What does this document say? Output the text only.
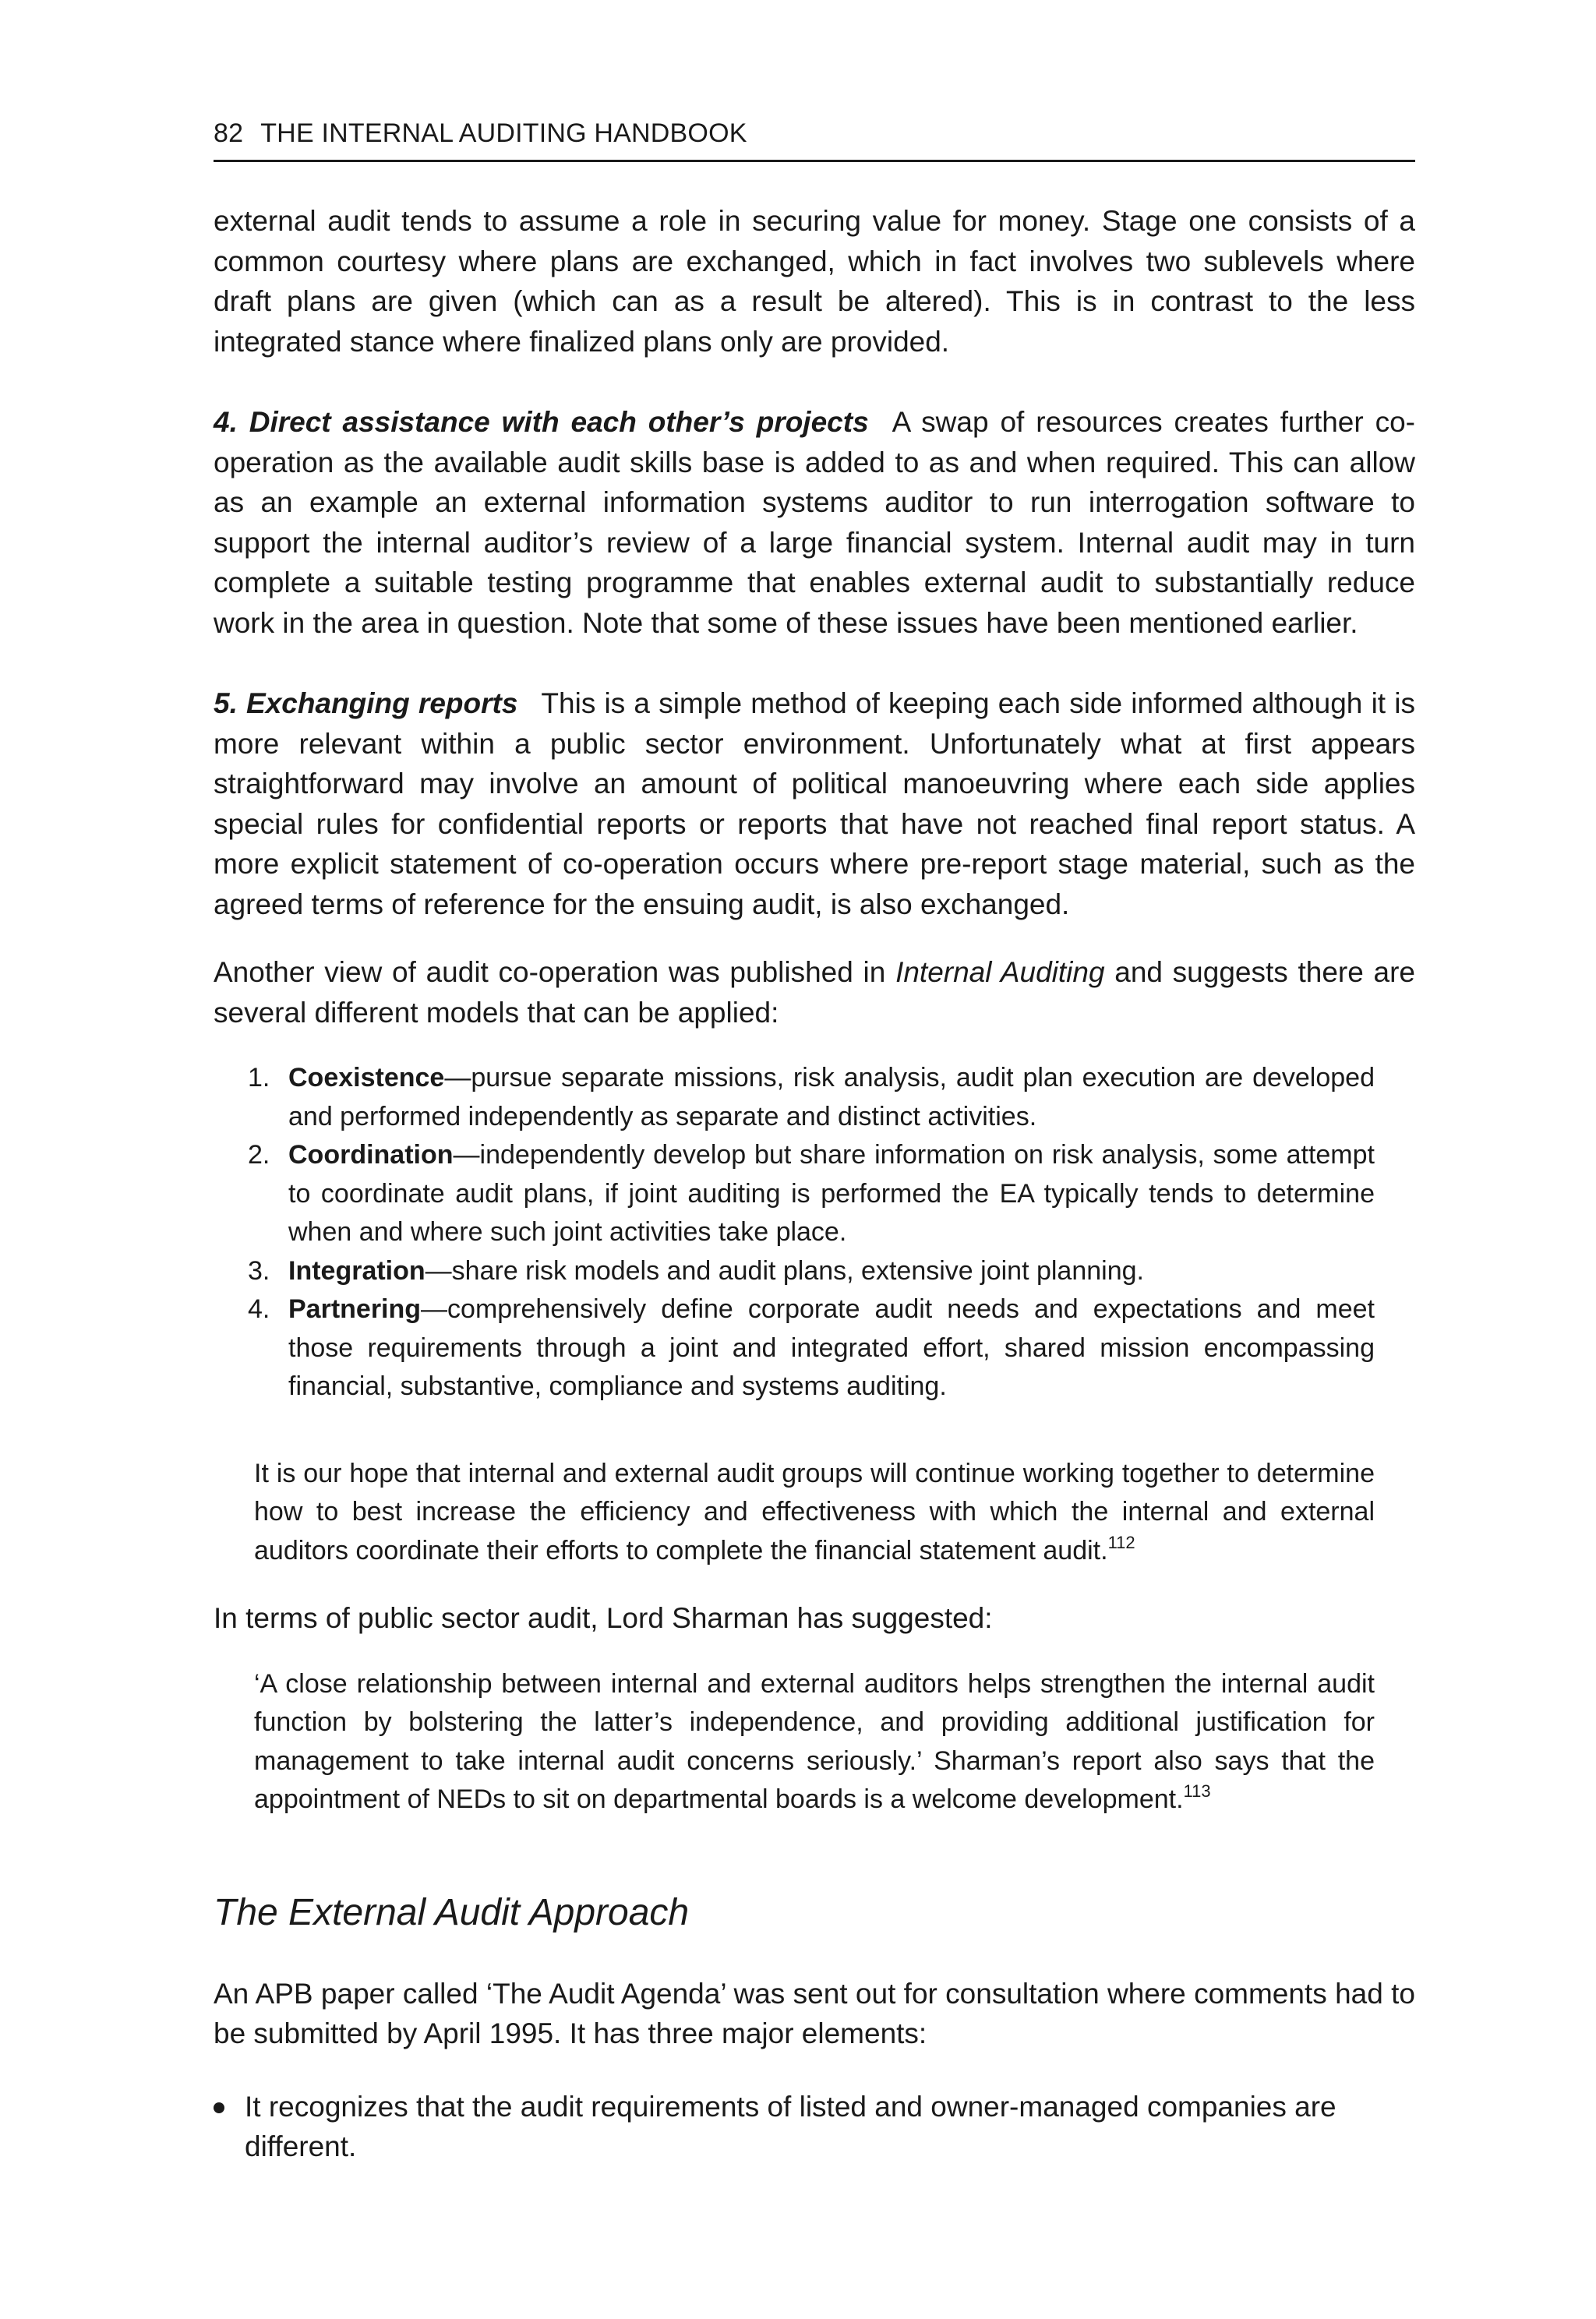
82 THE INTERNAL AUDITING HANDBOOK

external audit tends to assume a role in securing value for money. Stage one consists of a common courtesy where plans are exchanged, which in fact involves two sublevels where draft plans are given (which can as a result be altered). This is in contrast to the less integrated stance where finalized plans only are provided.

4. Direct assistance with each other’s projects A swap of resources creates further co-operation as the available audit skills base is added to as and when required. This can allow as an example an external information systems auditor to run interrogation software to support the internal auditor’s review of a large financial system. Internal audit may in turn complete a suitable testing programme that enables external audit to substantially reduce work in the area in question. Note that some of these issues have been mentioned earlier.

5. Exchanging reports This is a simple method of keeping each side informed although it is more relevant within a public sector environment. Unfortunately what at first appears straightforward may involve an amount of political manoeuvring where each side applies special rules for confidential reports or reports that have not reached final report status. A more explicit statement of co-operation occurs where pre-report stage material, such as the agreed terms of reference for the ensuing audit, is also exchanged.

Another view of audit co-operation was published in Internal Auditing and suggests there are several different models that can be applied:

1. Coexistence—pursue separate missions, risk analysis, audit plan execution are developed and performed independently as separate and distinct activities.
2. Coordination—independently develop but share information on risk analysis, some attempt to coordinate audit plans, if joint auditing is performed the EA typically tends to determine when and where such joint activities take place.
3. Integration—share risk models and audit plans, extensive joint planning.
4. Partnering—comprehensively define corporate audit needs and expectations and meet those requirements through a joint and integrated effort, shared mission encompassing financial, substantive, compliance and systems auditing.
It is our hope that internal and external audit groups will continue working together to determine how to best increase the efficiency and effectiveness with which the internal and external auditors coordinate their efforts to complete the financial statement audit.$^{112}$

In terms of public sector audit, Lord Sharman has suggested:

‘A close relationship between internal and external auditors helps strengthen the internal audit function by bolstering the latter’s independence, and providing additional justification for management to take internal audit concerns seriously.’ Sharman’s report also says that the appointment of NEDs to sit on departmental boards is a welcome development.$^{113}$
The External Audit Approach

An APB paper called ‘The Audit Agenda’ was sent out for consultation where comments had to be submitted by April 1995. It has three major elements:

It recognizes that the audit requirements of listed and owner-managed companies are different.
